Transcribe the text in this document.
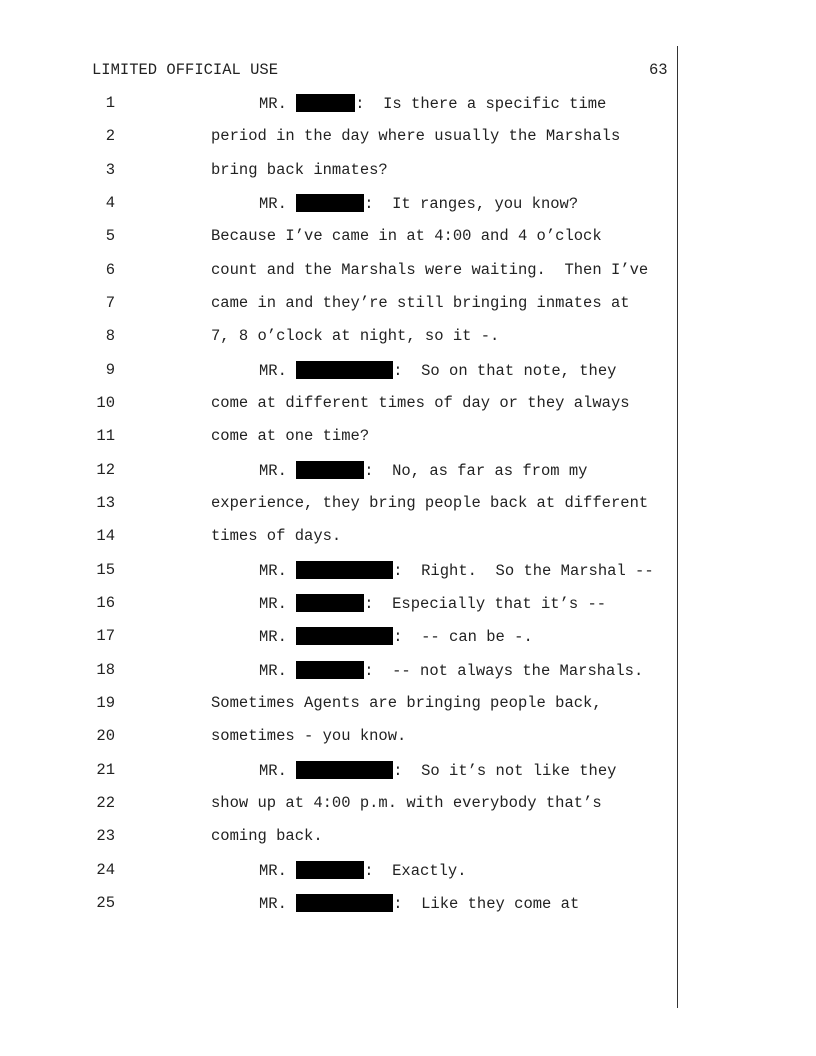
LIMITED OFFICIAL USE	63
1	MR.	:  Is there a specific time
2	period in the day where usually the Marshals
3	bring back inmates?
4	MR.	:  It ranges, you know?
5	Because I’ve came in at 4:00 and 4 o’clock
6	count and the Marshals were waiting.  Then I’ve
7	came in and they’re still bringing inmates at
8	7, 8 o’clock at night, so it -.
9	MR.	:  So on that note, they
10	come at different times of day or they always
11	come at one time?
12	MR.	:  No, as far as from my
13	experience, they bring people back at different
14	times of days.
15	MR.	:  Right.  So the Marshal --
16	MR.	:  Especially that it’s --
17	MR.	:  -- can be -.
18	MR.	:  -- not always the Marshals.
19	Sometimes Agents are bringing people back,
20	sometimes - you know.
21	MR.	:  So it’s not like they
22	show up at 4:00 p.m. with everybody that’s
23	coming back.
24	MR.	:  Exactly.
25	MR.	:  Like they come at
